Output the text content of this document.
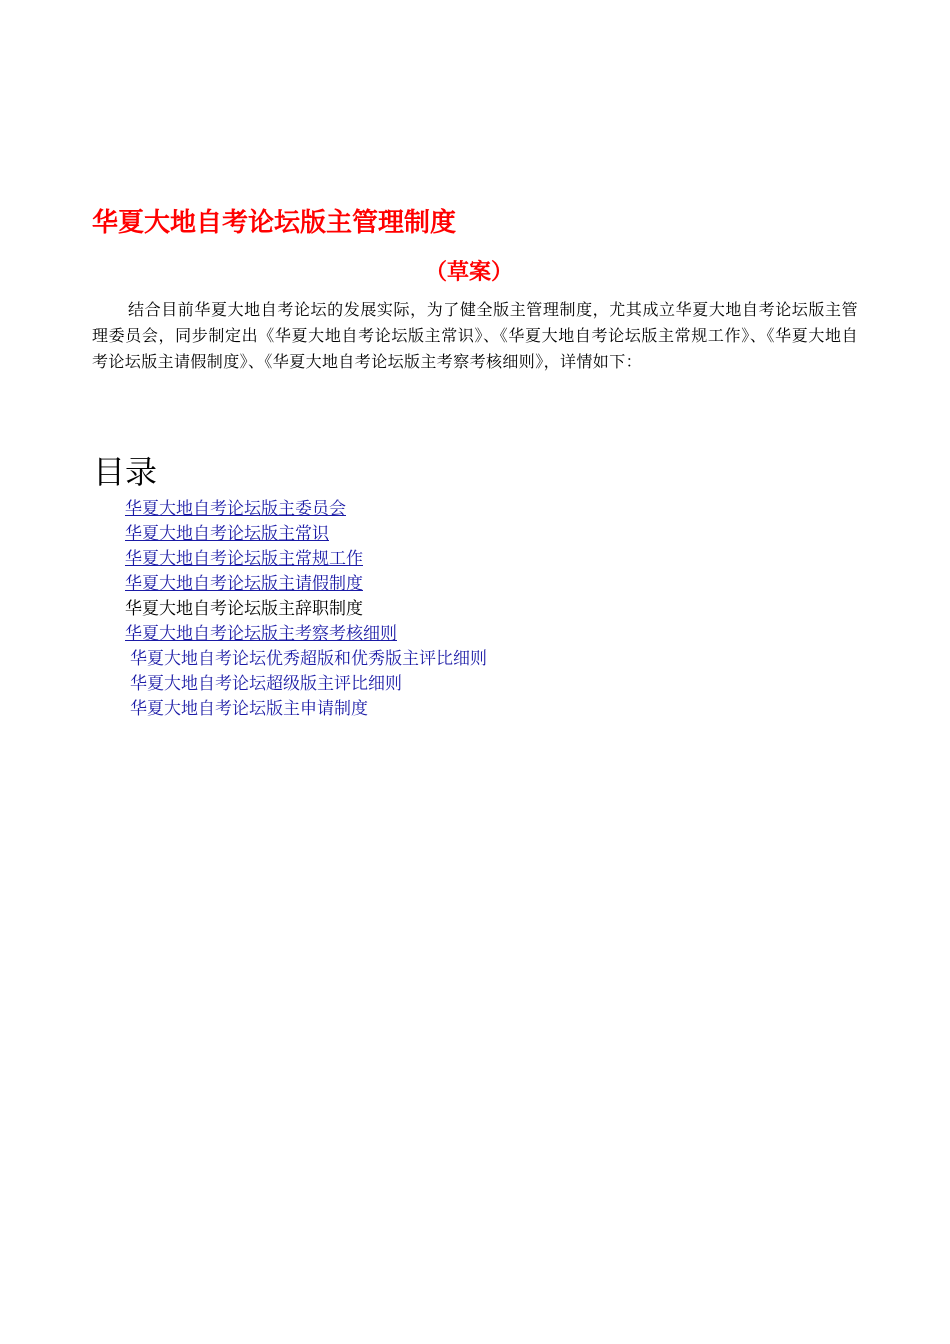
华夏大地自考论坛版主管理制度
（草案）

结合目前华夏大地自考论坛的发展实际，为了健全版主管理制度，尤其成立华夏大地自考论坛版主管理委员会，同步制定出《华夏大地自考论坛版主常识》、《华夏大地自考论坛版主常规工作》、《华夏大地自考论坛版主请假制度》、《华夏大地自考论坛版主考察考核细则》，详情如下：

目录
华夏大地自考论坛版主委员会
华夏大地自考论坛版主常识
华夏大地自考论坛版主常规工作
华夏大地自考论坛版主请假制度
华夏大地自考论坛版主辞职制度
华夏大地自考论坛版主考察考核细则
华夏大地自考论坛优秀超版和优秀版主评比细则
华夏大地自考论坛超级版主评比细则
华夏大地自考论坛版主申请制度
